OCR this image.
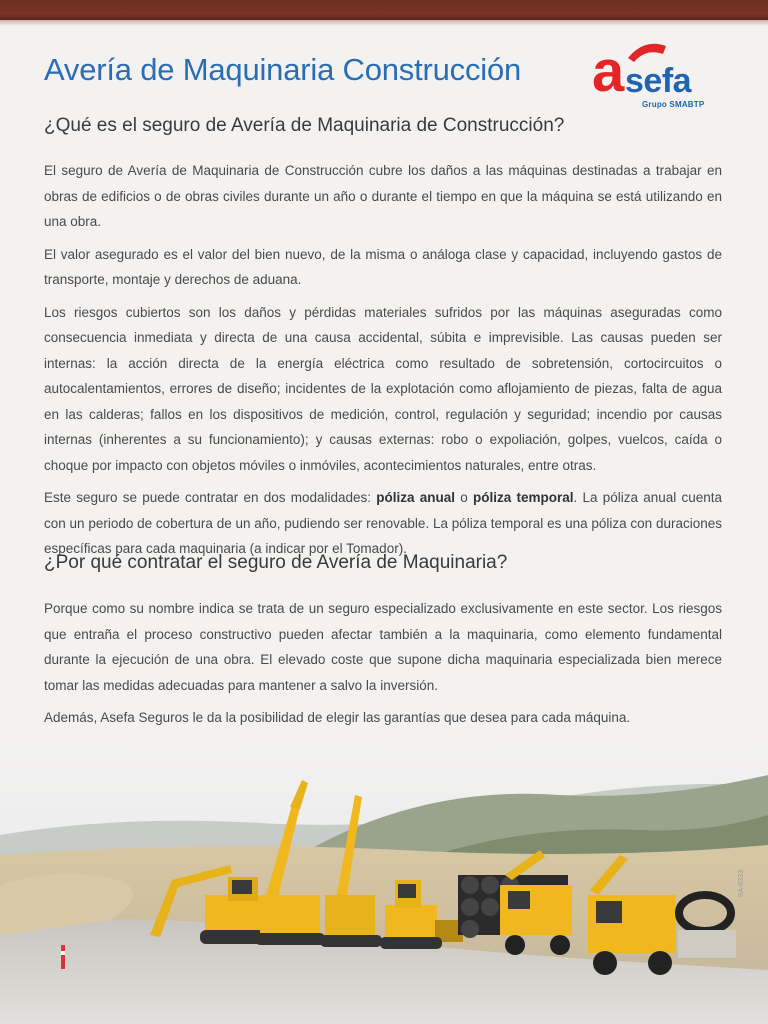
Avería de Maquinaria Construcción a sefa
Grupo SMABTP
¿Qué es el seguro de Avería de Maquinaria de Construcción?

El seguro de Avería de Maquinaria de Construcción cubre los daños a las máquinas destinadas a trabajar en obras de edificios o de obras civiles durante un año o durante el tiempo en que la máquina se está utilizando en una obra.

El valor asegurado es el valor del bien nuevo, de la misma o análoga clase y capacidad, incluyendo gastos de transporte, montaje y derechos de aduana.

Los riesgos cubiertos son los daños y pérdidas materiales sufridos por las máquinas aseguradas como consecuencia inmediata y directa de una causa accidental, súbita e imprevisible. Las causas pueden ser internas: la acción directa de la energía eléctrica como resultado de sobretensión, cortocircuitos o autocalentamientos, errores de diseño; incidentes de la explotación como aflojamiento de piezas, falta de agua en las calderas; fallos en los dispositivos de medición, control, regulación y seguridad; incendio por causas internas (inherentes a su funcionamiento); y causas externas: robo o expoliación, golpes, vuelcos, caída o choque por impacto con objetos móviles o inmóviles, acontecimientos naturales, entre otras.

Este seguro se puede contratar en dos modalidades: póliza anual o póliza temporal. La póliza anual cuenta con un periodo de cobertura de un año, pudiendo ser renovable. La póliza temporal es una póliza con duraciones específicas para cada maquinaria (a indicar por el Tomador).

¿Por qué contratar el seguro de Avería de Maquinaria?

Porque como su nombre indica se trata de un seguro especializado exclusivamente en este sector. Los riesgos que entraña el proceso constructivo pueden afectar también a la maquinaria, como elemento fundamental durante la ejecución de una obra. El elevado coste que supone dicha maquinaria especializada bien merece tomar las medidas adecuadas para mantener a salvo la inversión.

Además, Asefa Seguros le da la posibilidad de elegir las garantías que desea para cada máquina.

SA-0323
